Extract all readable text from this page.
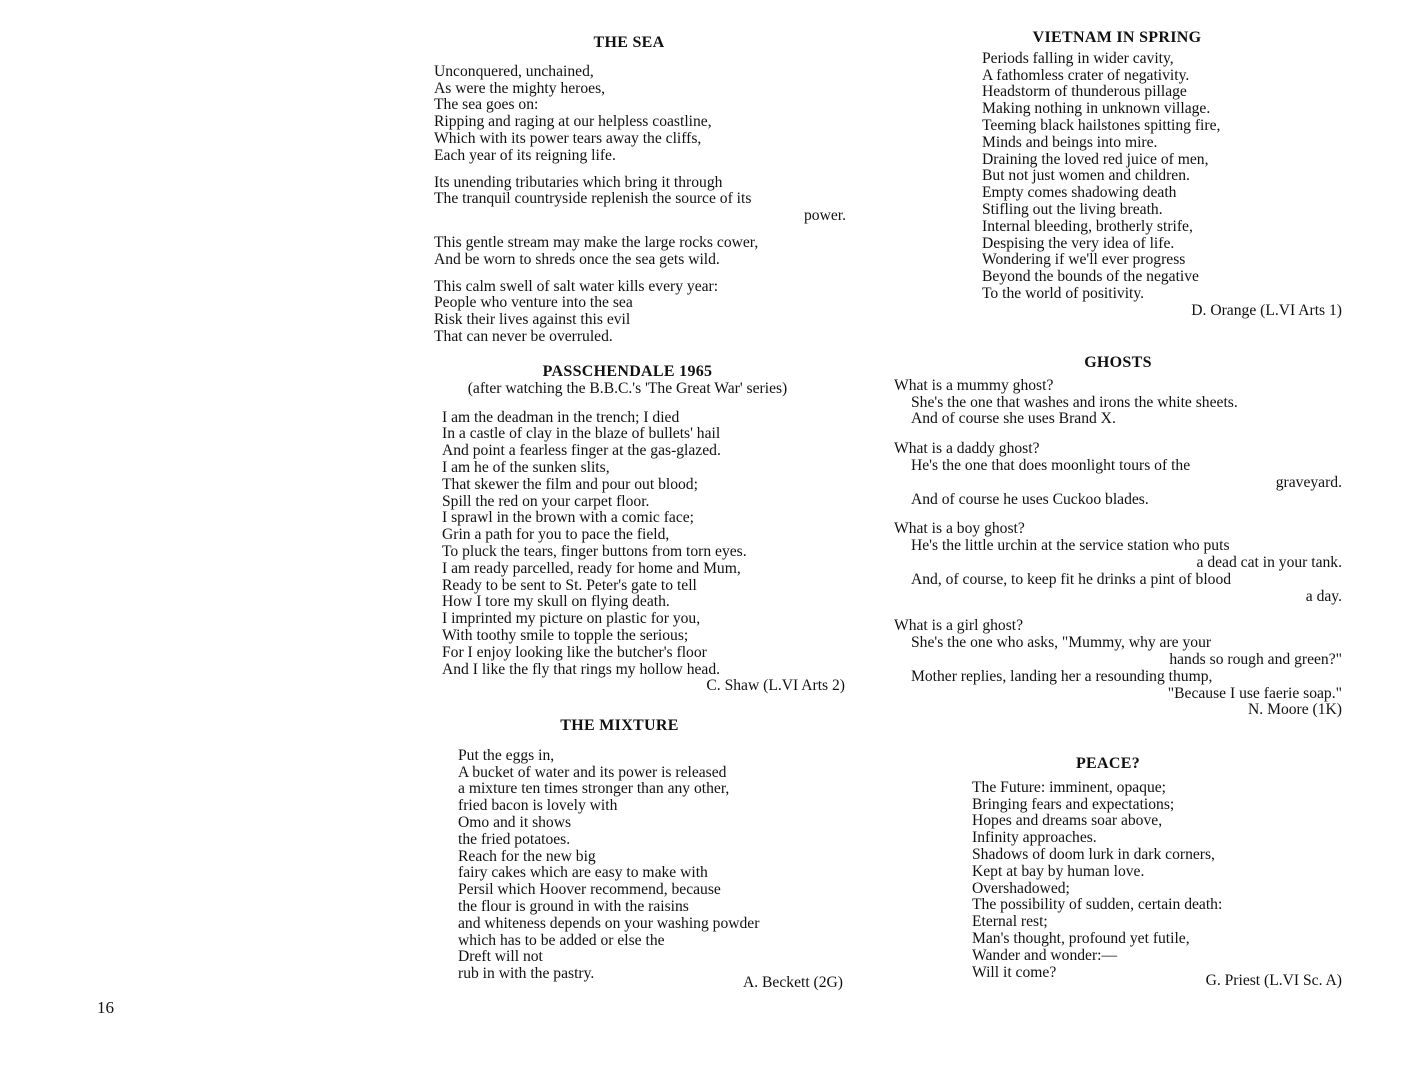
THE SEA
Unconquered, unchained,
As were the mighty heroes,
The sea goes on:
Ripping and raging at our helpless coastline,
Which with its power tears away the cliffs,
Each year of its reigning life.
Its unending tributaries which bring it through
The tranquil countryside replenish the source of its
power.
This gentle stream may make the large rocks cower,
And be worn to shreds once the sea gets wild.
This calm swell of salt water kills every year:
People who venture into the sea
Risk their lives against this evil
That can never be overruled.
PASSCHENDALE 1965
(after watching the B.B.C.'s 'The Great War' series)
I am the deadman in the trench; I died
In a castle of clay in the blaze of bullets' hail
And point a fearless finger at the gas-glazed.
I am he of the sunken slits,
That skewer the film and pour out blood;
Spill the red on your carpet floor.
I sprawl in the brown with a comic face;
Grin a path for you to pace the field,
To pluck the tears, finger buttons from torn eyes.
I am ready parcelled, ready for home and Mum,
Ready to be sent to St. Peter's gate to tell
How I tore my skull on flying death.
I imprinted my picture on plastic for you,
With toothy smile to topple the serious;
For I enjoy looking like the butcher's floor
And I like the fly that rings my hollow head.
C. Shaw (L.VI Arts 2)
THE MIXTURE
Put the eggs in,
A bucket of water and its power is released
a mixture ten times stronger than any other,
fried bacon is lovely with
Omo and it shows
the fried potatoes.
Reach for the new big
fairy cakes which are easy to make with
Persil which Hoover recommend, because
the flour is ground in with the raisins
and whiteness depends on your washing powder
which has to be added or else the
Dreft will not
rub in with the pastry.
A. Beckett (2G)
VIETNAM IN SPRING
Periods falling in wider cavity,
A fathomless crater of negativity.
Headstorm of thunderous pillage
Making nothing in unknown village.
Teeming black hailstones spitting fire,
Minds and beings into mire.
Draining the loved red juice of men,
But not just women and children.
Empty comes shadowing death
Stifling out the living breath.
Internal bleeding, brotherly strife,
Despising the very idea of life.
Wondering if we'll ever progress
Beyond the bounds of the negative
To the world of positivity.
D. Orange (L.VI Arts 1)
GHOSTS
What is a mummy ghost?
She's the one that washes and irons the white sheets.
And of course she uses Brand X.
What is a daddy ghost?
He's the one that does moonlight tours of the
graveyard.
And of course he uses Cuckoo blades.
What is a boy ghost?
He's the little urchin at the service station who puts
a dead cat in your tank.
And, of course, to keep fit he drinks a pint of blood
a day.
What is a girl ghost?
She's the one who asks, "Mummy, why are your
hands so rough and green?"
Mother replies, landing her a resounding thump,
"Because I use faerie soap."
N. Moore (1K)
PEACE?
The Future: imminent, opaque;
Bringing fears and expectations;
Hopes and dreams soar above,
Infinity approaches.
Shadows of doom lurk in dark corners,
Kept at bay by human love.
Overshadowed;
The possibility of sudden, certain death:
Eternal rest;
Man's thought, profound yet futile,
Wander and wonder:—
Will it come?
G. Priest (L.VI Sc. A)
16
